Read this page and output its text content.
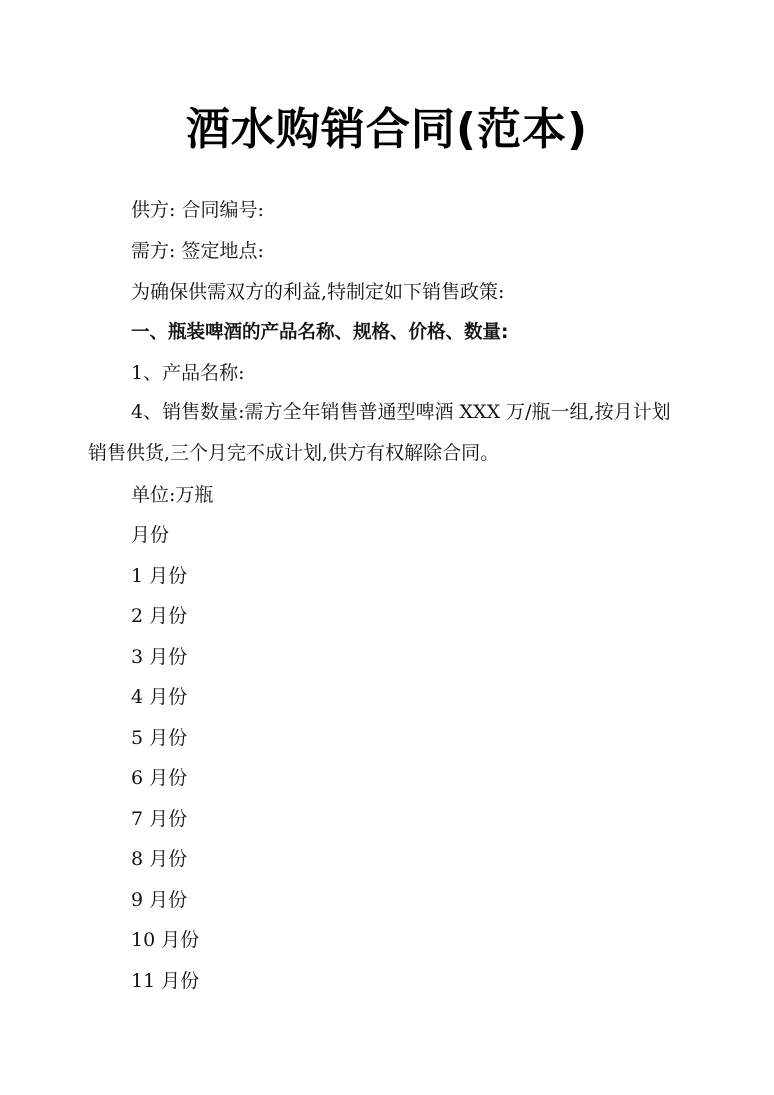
酒水购销合同(范本)
供方: 合同编号:
需方: 签定地点:
为确保供需双方的利益,特制定如下销售政策:
一、瓶装啤酒的产品名称、规格、价格、数量:
1、产品名称:
4、销售数量:需方全年销售普通型啤酒 XXX 万/瓶一组,按月计划销售供货,三个月完不成计划,供方有权解除合同。
单位:万瓶
月份
1 月份
2 月份
3 月份
4 月份
5 月份
6 月份
7 月份
8 月份
9 月份
10 月份
11 月份
